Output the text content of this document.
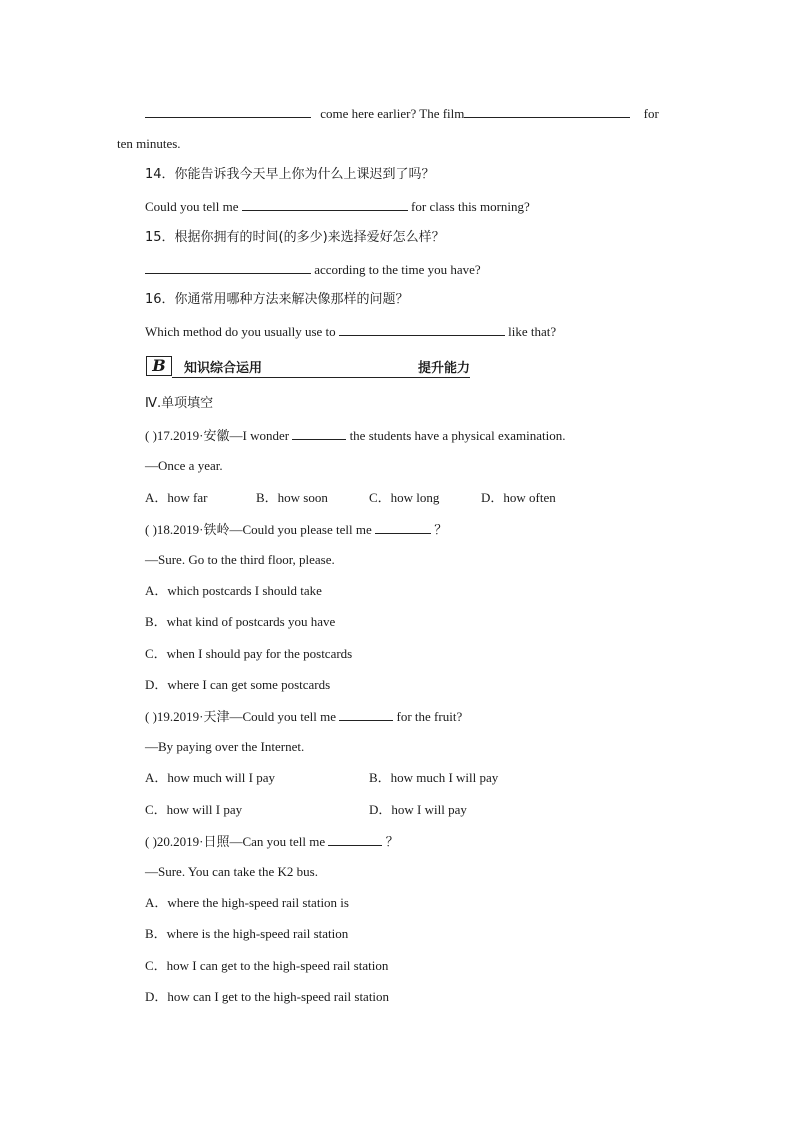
come here earlier? The film	for
ten minutes.
14．你能告诉我今天早上你为什么上课迟到了吗？
Could you tell me	for class this morning?
15．根据你拥有的时间(的多少)来选择爱好怎么样？
according to the time you have?
16．你通常用哪种方法来解决像那样的问题？
Which method do you usually use to	like that?
B	知识综合运用	提升能力
Ⅳ.单项填空
( )17.2019·安徽—I wonder	the students have a physical examination.
—Once a year.
A．how far	B．how soon	C．how long	D．how often
( )18.2019·铁岭—Could you please tell me	？
—Sure. Go to the third floor, please.
A．which postcards I should take
B．what kind of postcards you have
C．when I should pay for the postcards
D．where I can get some postcards
( )19.2019·天津—Could you tell me	for the fruit?
—By paying over the Internet.
A．how much will I pay	B．how much I will pay
C．how will I pay	D．how I will pay
( )20.2019·日照—Can you tell me	？
—Sure. You can take the K2 bus.
A．where the high-speed rail station is
B．where is the high-speed rail station
C．how I can get to the high-speed rail station
D．how can I get to the high-speed rail station
